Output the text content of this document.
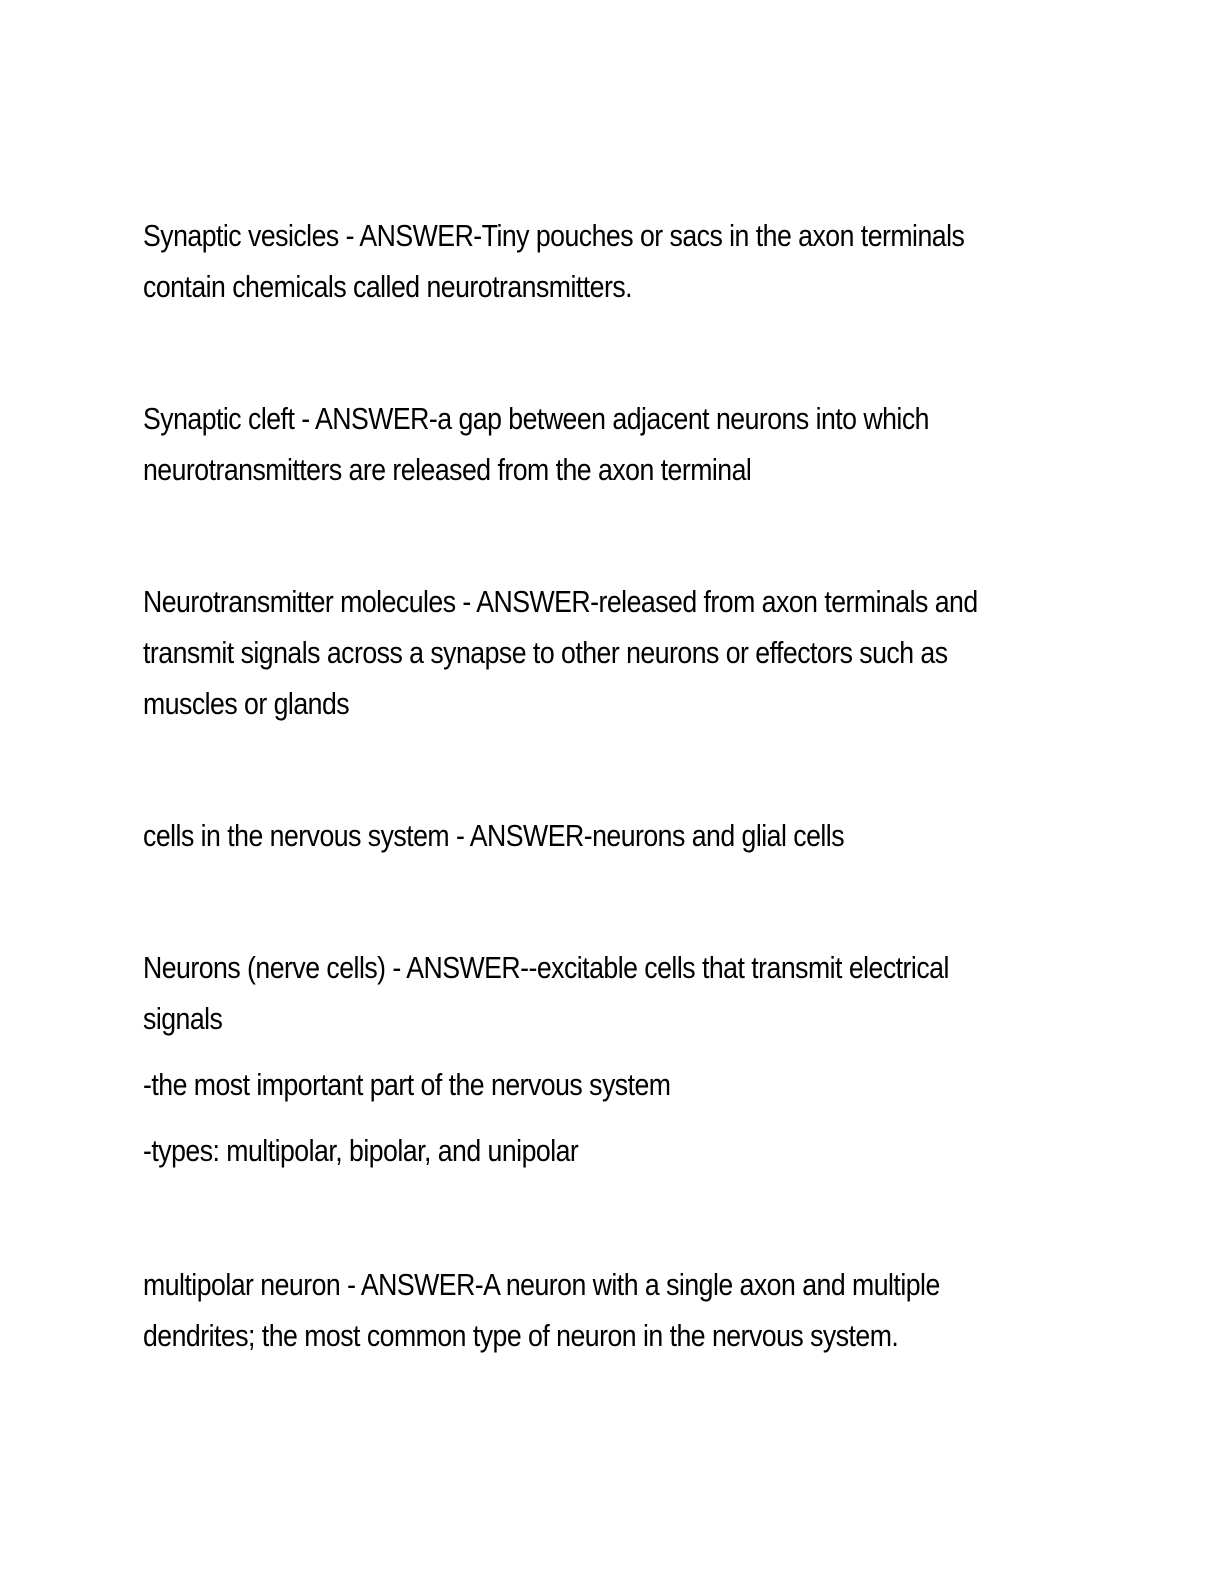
Synaptic vesicles - ANSWER-Tiny pouches or sacs in the axon terminals

contain chemicals called neurotransmitters.

Synaptic cleft - ANSWER-a gap between adjacent neurons into which

neurotransmitters are released from the axon terminal

Neurotransmitter molecules - ANSWER-released from axon terminals and

transmit signals across a synapse to other neurons or effectors such as

muscles or glands

cells in the nervous system - ANSWER-neurons and glial cells

Neurons (nerve cells) - ANSWER--excitable cells that transmit electrical

signals

-the most important part of the nervous system

-types: multipolar, bipolar, and unipolar

multipolar neuron - ANSWER-A neuron with a single axon and multiple

dendrites; the most common type of neuron in the nervous system.
